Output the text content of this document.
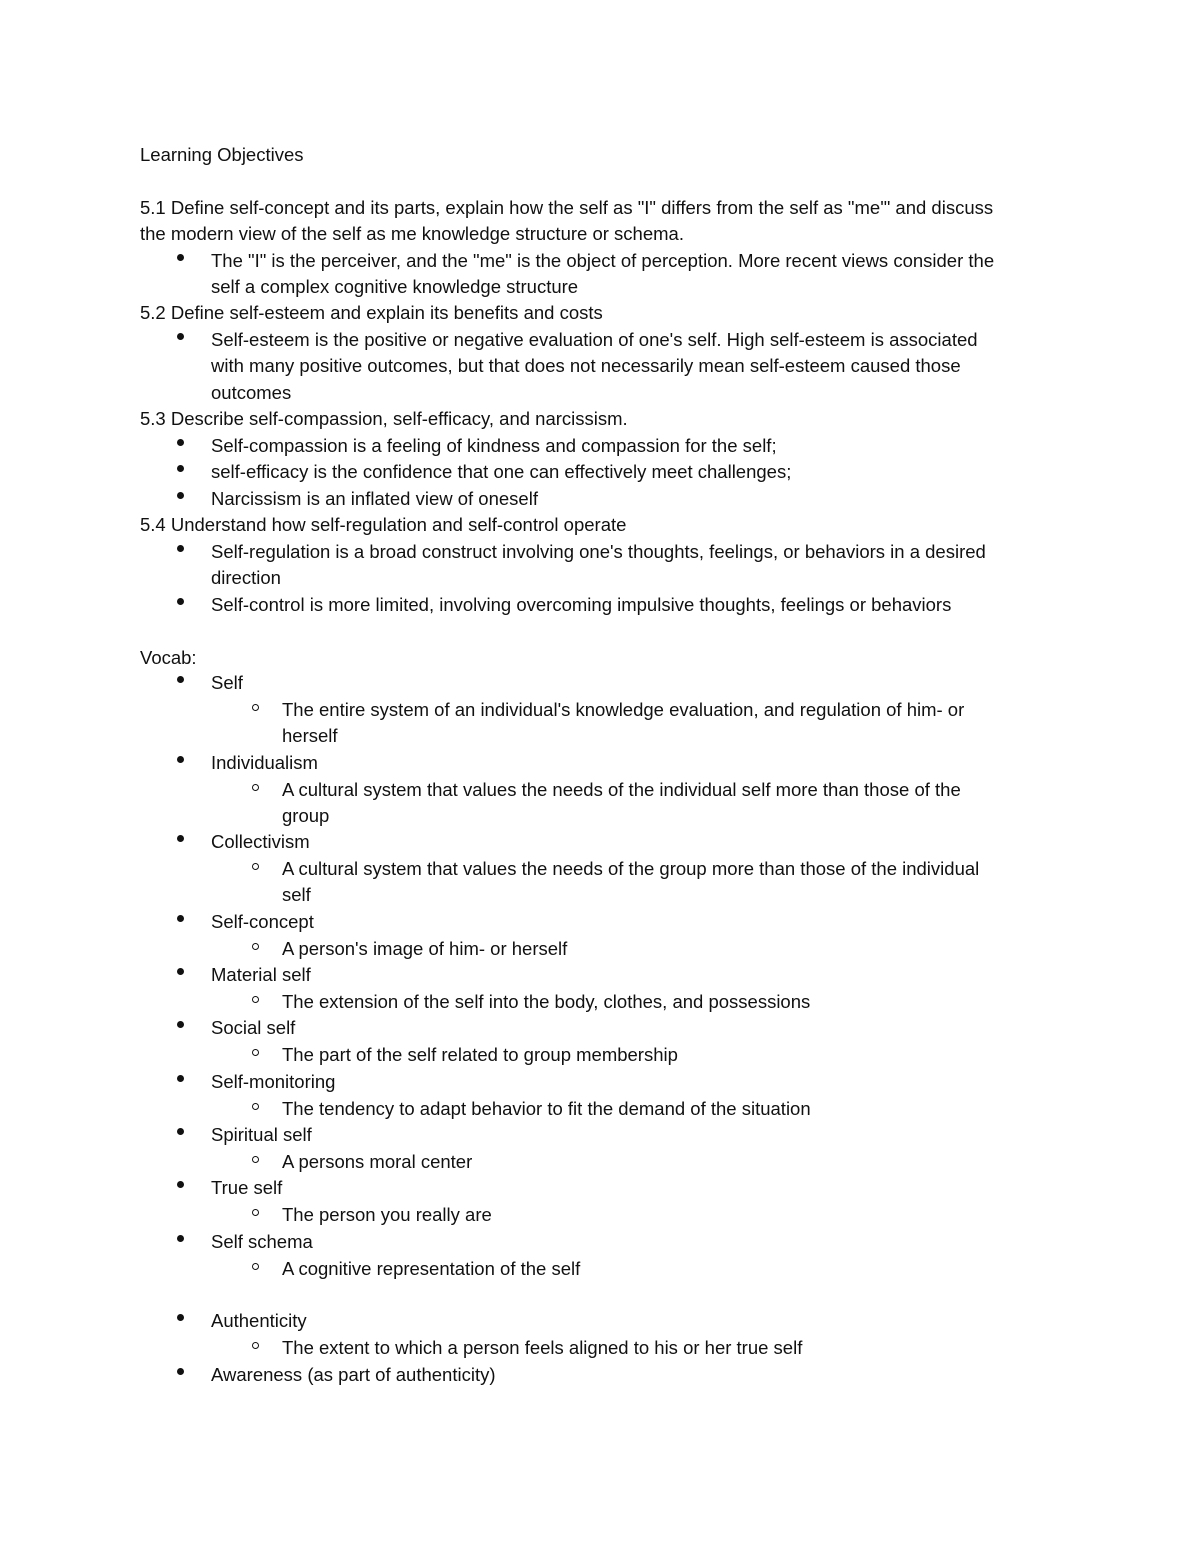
Learning Objectives
5.1 Define self-concept and its parts, explain how the self as "I" differs from the self as "me'" and discuss
the modern view of the self as me knowledge structure or schema.
The "I" is the perceiver, and the "me" is the object of perception. More recent views consider the
self a complex cognitive knowledge structure
5.2 Define self-esteem and explain its benefits and costs
Self-esteem is the positive or negative evaluation of one's self. High self-esteem is associated
with many positive outcomes, but that does not necessarily mean self-esteem caused those
outcomes
5.3 Describe self-compassion, self-efficacy, and narcissism.
Self-compassion is a feeling of kindness and compassion for the self;
self-efficacy is the confidence that one can effectively meet challenges;
Narcissism is an inflated view of oneself
5.4 Understand how self-regulation and self-control operate
Self-regulation is a broad construct involving one's thoughts, feelings, or behaviors in a desired
direction
Self-control is more limited, involving overcoming impulsive thoughts, feelings or behaviors
Vocab:
Self
The entire system of an individual's knowledge evaluation, and regulation of him- or
herself
Individualism
A cultural system that values the needs of the individual self more than those of the
group
Collectivism
A cultural system that values the needs of the group more than those of the individual
self
Self-concept
A person's image of him- or herself
Material self
The extension of the self into the body, clothes, and possessions
Social self
The part of the self related to group membership
Self-monitoring
The tendency to adapt behavior to fit the demand of the situation
Spiritual self
A persons moral center
True self
The person you really are
Self schema
A cognitive representation of the self
Authenticity
The extent to which a person feels aligned to his or her true self
Awareness (as part of authenticity)
